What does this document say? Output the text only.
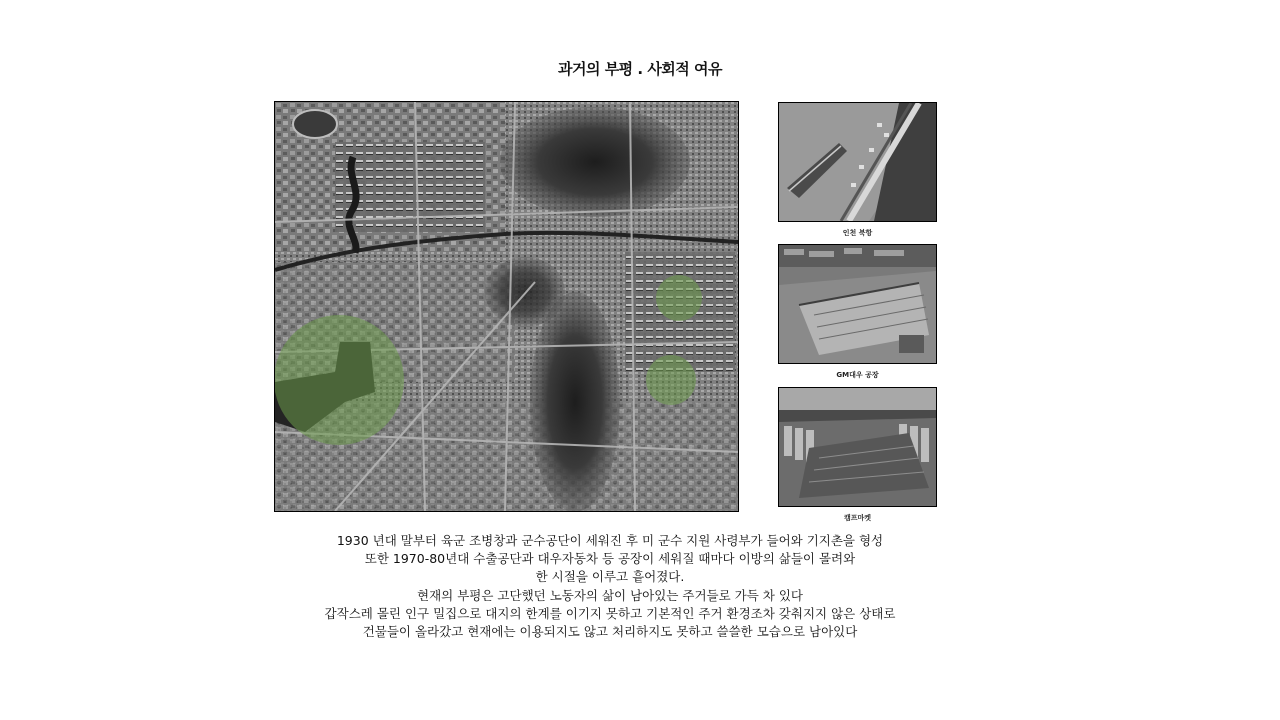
과거의 부평 . 사회적 여유
인천 북항
GM대우 공장
캠프마켓
1930 년대 말부터 육군 조병창과 군수공단이 세워진 후 미 군수 지원 사령부가 들어와 기지촌을 형성
또한 1970-80년대 수출공단과 대우자동차 등 공장이 세워질 때마다 이방의 삶들이 몰려와
한 시절을 이루고 흩어졌다.
현재의 부평은 고단했던 노동자의 삶이 남아있는 주거들로 가득 차 있다
갑작스레 몰린 인구 밀집으로 대지의 한계를 이기지 못하고 기본적인 주거 환경조차 갖춰지지 않은 상태로
건물들이 올라갔고 현재에는 이용되지도 않고 처리하지도 못하고 쓸쓸한 모습으로 남아있다
